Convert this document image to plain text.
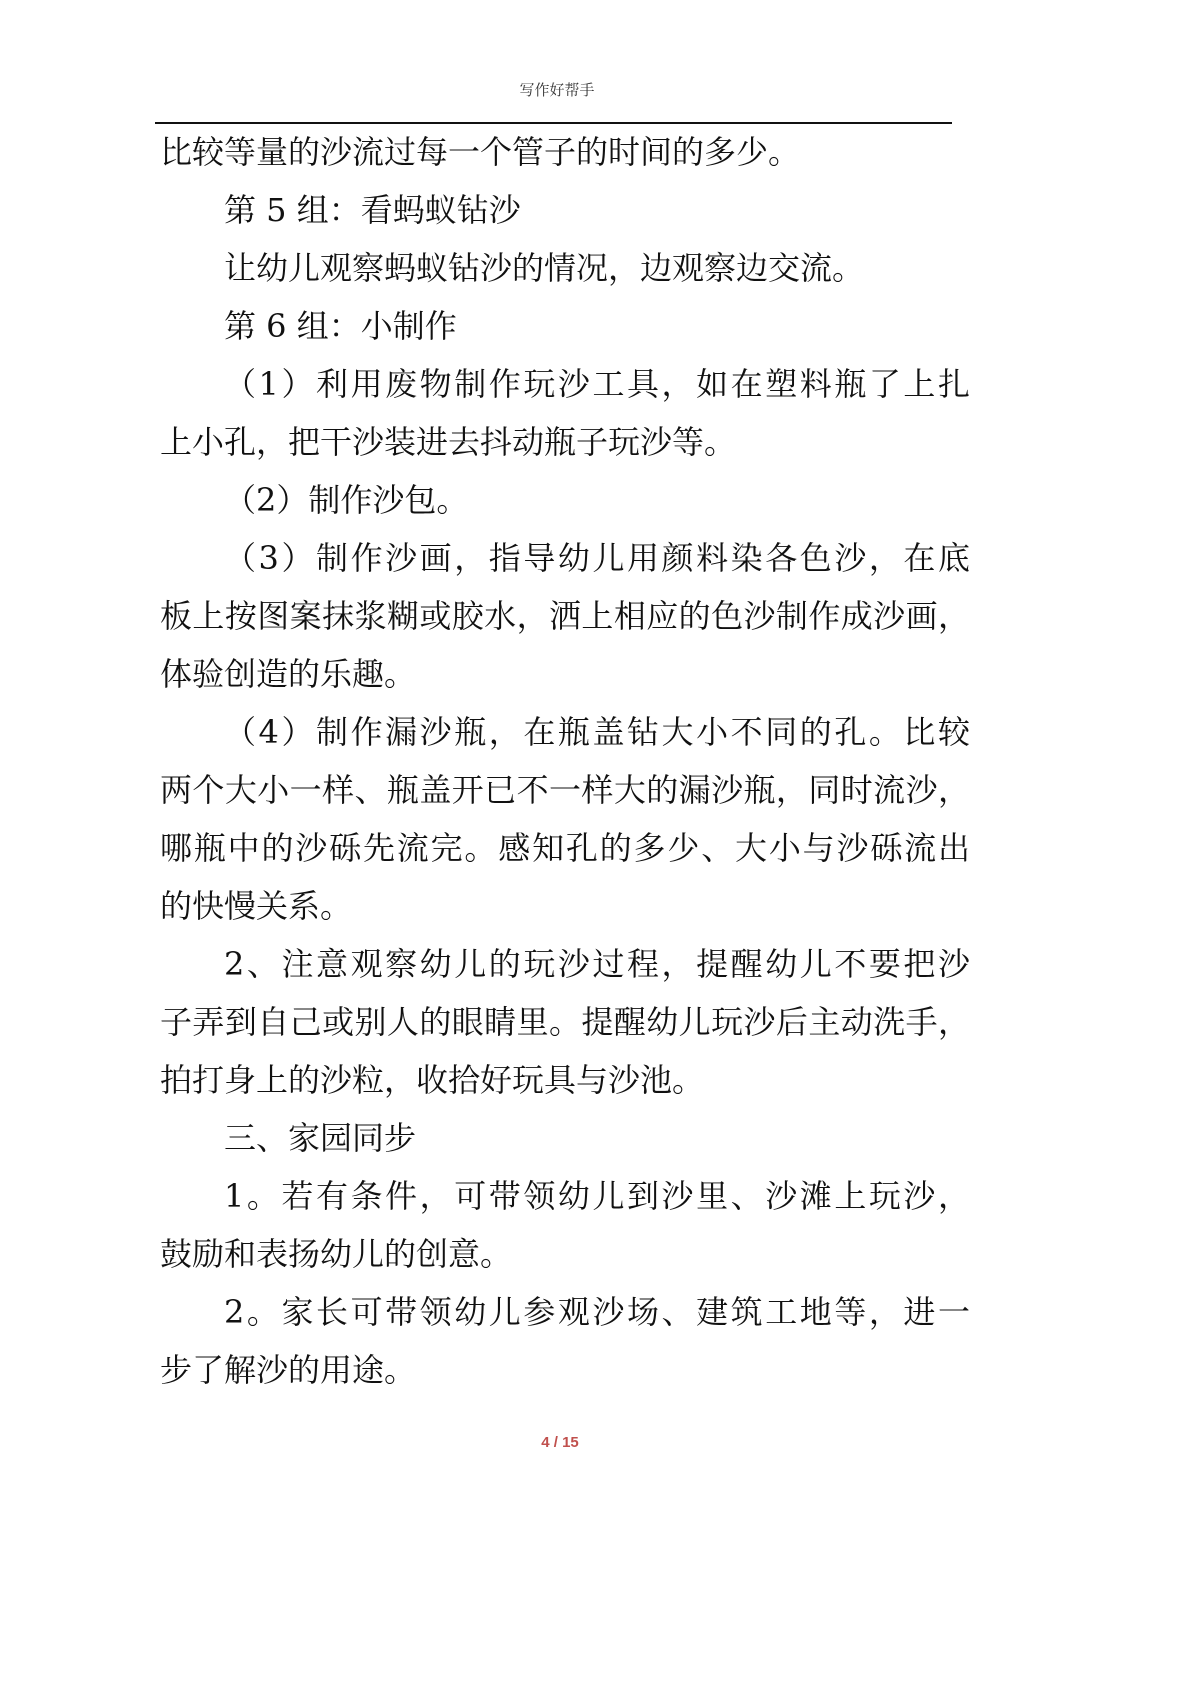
写作好帮手
比较等量的沙流过每一个管子的时间的多少。
第 5 组：看蚂蚁钻沙
让幼儿观察蚂蚁钻沙的情况，边观察边交流。
第 6 组：小制作
（1）利用废物制作玩沙工具，如在塑料瓶了上扎
上小孔，把干沙装进去抖动瓶子玩沙等。
（2）制作沙包。
（3）制作沙画，指导幼儿用颜料染各色沙，在底
板上按图案抹浆糊或胶水，洒上相应的色沙制作成沙画，
体验创造的乐趣。
（4）制作漏沙瓶，在瓶盖钻大小不同的孔。比较
两个大小一样、瓶盖开已不一样大的漏沙瓶，同时流沙，
哪瓶中的沙砾先流完。感知孔的多少、大小与沙砾流出
的快慢关系。
2、注意观察幼儿的玩沙过程，提醒幼儿不要把沙
子弄到自己或别人的眼睛里。提醒幼儿玩沙后主动洗手，
拍打身上的沙粒，收拾好玩具与沙池。
三、家园同步
1。若有条件，可带领幼儿到沙里、沙滩上玩沙，
鼓励和表扬幼儿的创意。
2。家长可带领幼儿参观沙场、建筑工地等，进一
步了解沙的用途。
4 / 15
